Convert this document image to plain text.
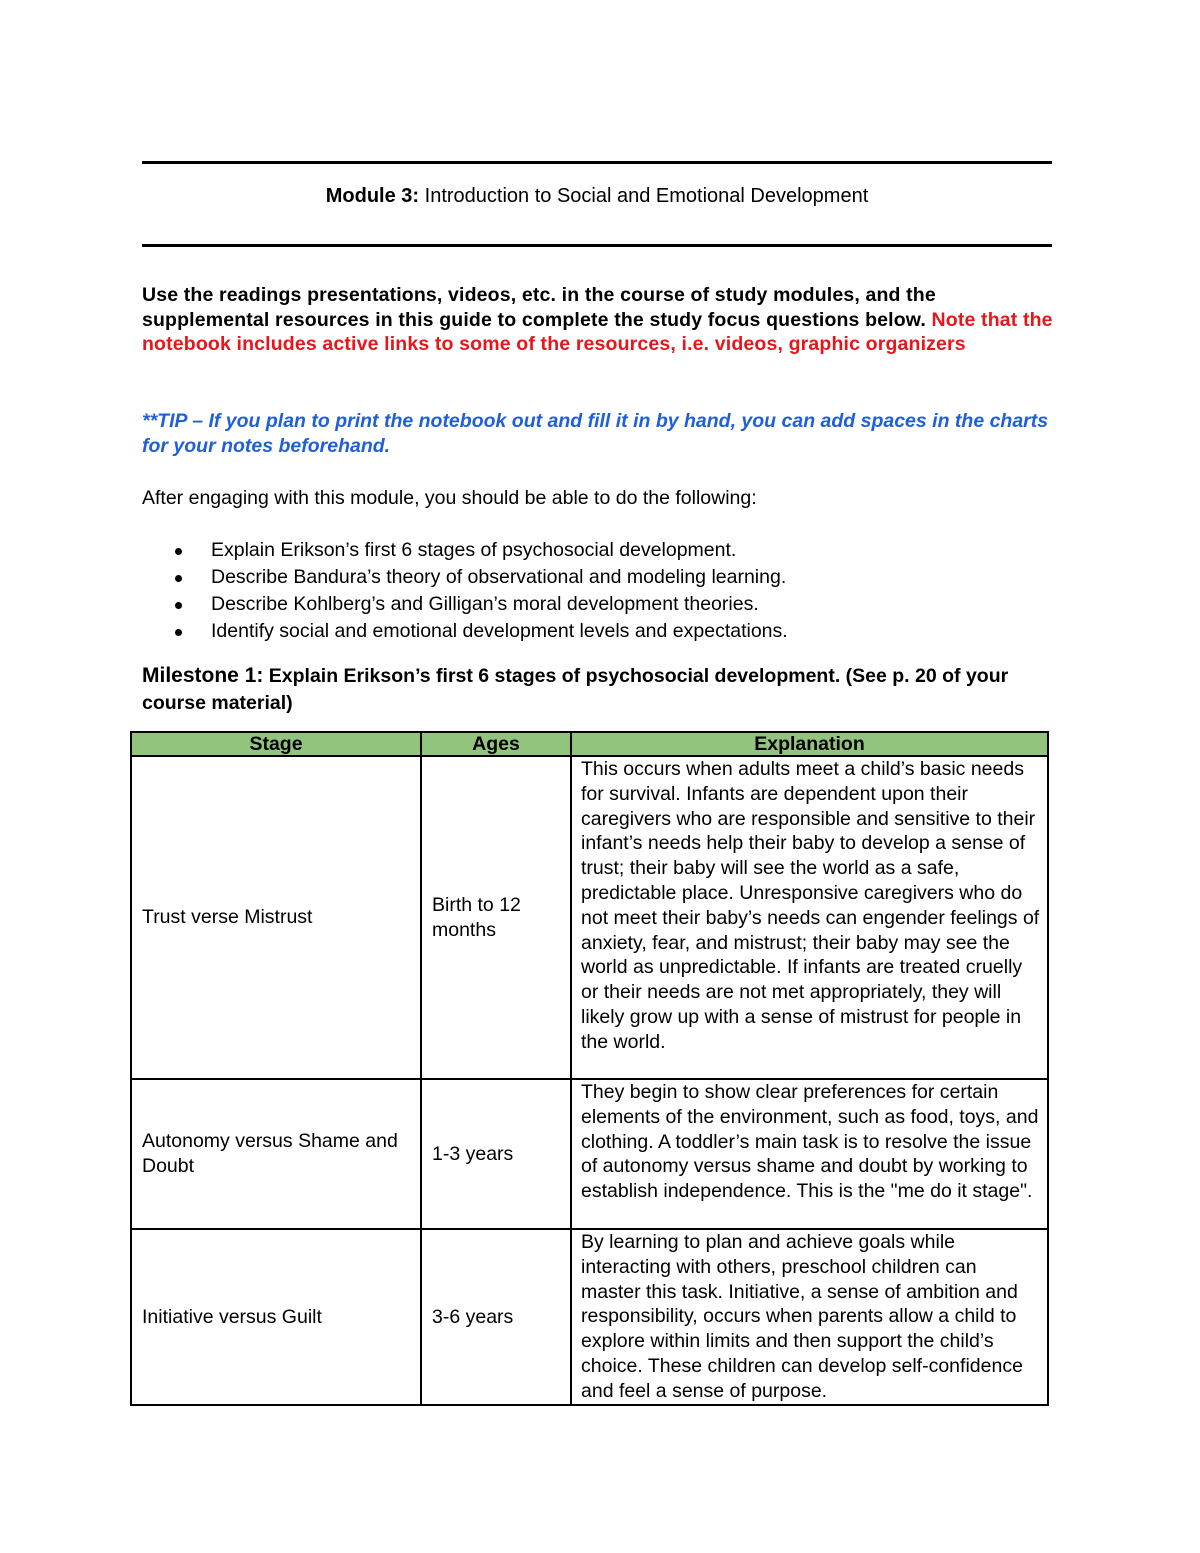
Module 3: Introduction to Social and Emotional Development
Use the readings presentations, videos, etc. in the course of study modules, and the supplemental resources in this guide to complete the study focus questions below. Note that the notebook includes active links to some of the resources, i.e. videos, graphic organizers
**TIP – If you plan to print the notebook out and fill it in by hand, you can add spaces in the charts for your notes beforehand.
After engaging with this module, you should be able to do the following:
Explain Erikson’s first 6 stages of psychosocial development.
Describe Bandura’s theory of observational and modeling learning.
Describe Kohlberg’s and Gilligan’s moral development theories.
Identify social and emotional development levels and expectations.
Milestone 1: Explain Erikson’s first 6 stages of psychosocial development. (See p. 20 of your course material)
Stage	Ages	Explanation
Trust verse Mistrust	Birth to 12 months	This occurs when adults meet a child’s basic needs for survival. Infants are dependent upon their caregivers who are responsible and sensitive to their infant’s needs help their baby to develop a sense of trust; their baby will see the world as a safe, predictable place. Unresponsive caregivers who do not meet their baby’s needs can engender feelings of anxiety, fear, and mistrust; their baby may see the world as unpredictable. If infants are treated cruelly or their needs are not met appropriately, they will likely grow up with a sense of mistrust for people in the world.
Autonomy versus Shame and Doubt	1-3 years	They begin to show clear preferences for certain elements of the environment, such as food, toys, and clothing. A toddler’s main task is to resolve the issue of autonomy versus shame and doubt by working to establish independence. This is the "me do it stage".
Initiative versus Guilt	3-6 years	By learning to plan and achieve goals while interacting with others, preschool children can master this task. Initiative, a sense of ambition and responsibility, occurs when parents allow a child to explore within limits and then support the child’s choice. These children can develop self-confidence and feel a sense of purpose.
